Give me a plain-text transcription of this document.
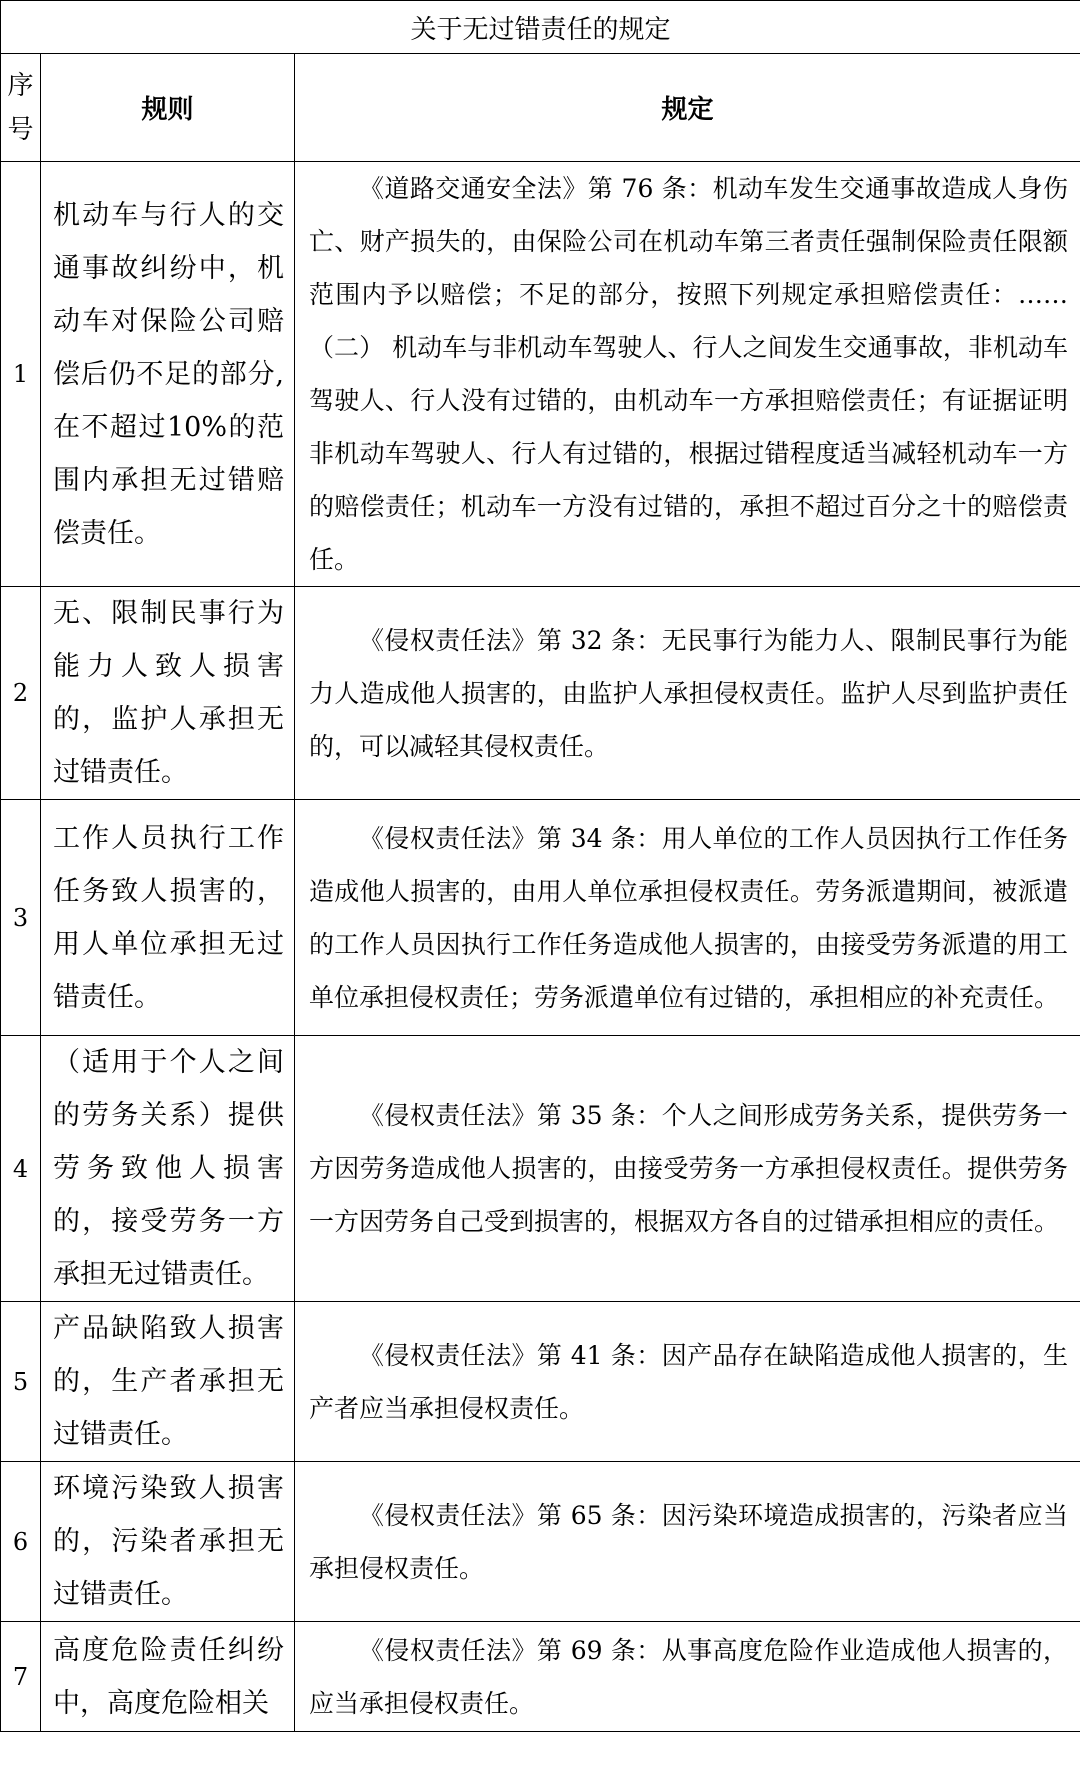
关于无过错责任的规定		
序号	规则	规定
1	机动车与行人的交通事故纠纷中，机动车对保险公司赔偿后仍不足的部分,在不超过10%的范围内承担无过错赔偿责任。	《道路交通安全法》第 76 条：机动车发生交通事故造成人身伤亡、财产损失的，由保险公司在机动车第三者责任强制保险责任限额范围内予以赔偿；不足的部分，按照下列规定承担赔偿责任：……（二） 机动车与非机动车驾驶人、行人之间发生交通事故，非机动车驾驶人、行人没有过错的，由机动车一方承担赔偿责任；有证据证明非机动车驾驶人、行人有过错的，根据过错程度适当减轻机动车一方的赔偿责任；机动车一方没有过错的，承担不超过百分之十的赔偿责任。
2	无、限制民事行为能力人致人损害的，监护人承担无过错责任。	《侵权责任法》第 32 条：无民事行为能力人、限制民事行为能力人造成他人损害的，由监护人承担侵权责任。监护人尽到监护责任的，可以减轻其侵权责任。
3	工作人员执行工作任务致人损害的，用人单位承担无过错责任。	《侵权责任法》第 34 条：用人单位的工作人员因执行工作任务造成他人损害的，由用人单位承担侵权责任。劳务派遣期间，被派遣的工作人员因执行工作任务造成他人损害的，由接受劳务派遣的用工单位承担侵权责任；劳务派遣单位有过错的，承担相应的补充责任。
4	（适用于个人之间的劳务关系）提供劳务致他人损害的，接受劳务一方承担无过错责任。	《侵权责任法》第 35 条：个人之间形成劳务关系，提供劳务一方因劳务造成他人损害的，由接受劳务一方承担侵权责任。提供劳务一方因劳务自己受到损害的，根据双方各自的过错承担相应的责任。
5	产品缺陷致人损害的，生产者承担无过错责任。	《侵权责任法》第 41 条：因产品存在缺陷造成他人损害的，生产者应当承担侵权责任。
6	环境污染致人损害的，污染者承担无过错责任。	《侵权责任法》第 65 条：因污染环境造成损害的，污染者应当承担侵权责任。
7	高度危险责任纠纷中，高度危险相关	《侵权责任法》第 69 条：从事高度危险作业造成他人损害的，应当承担侵权责任。
